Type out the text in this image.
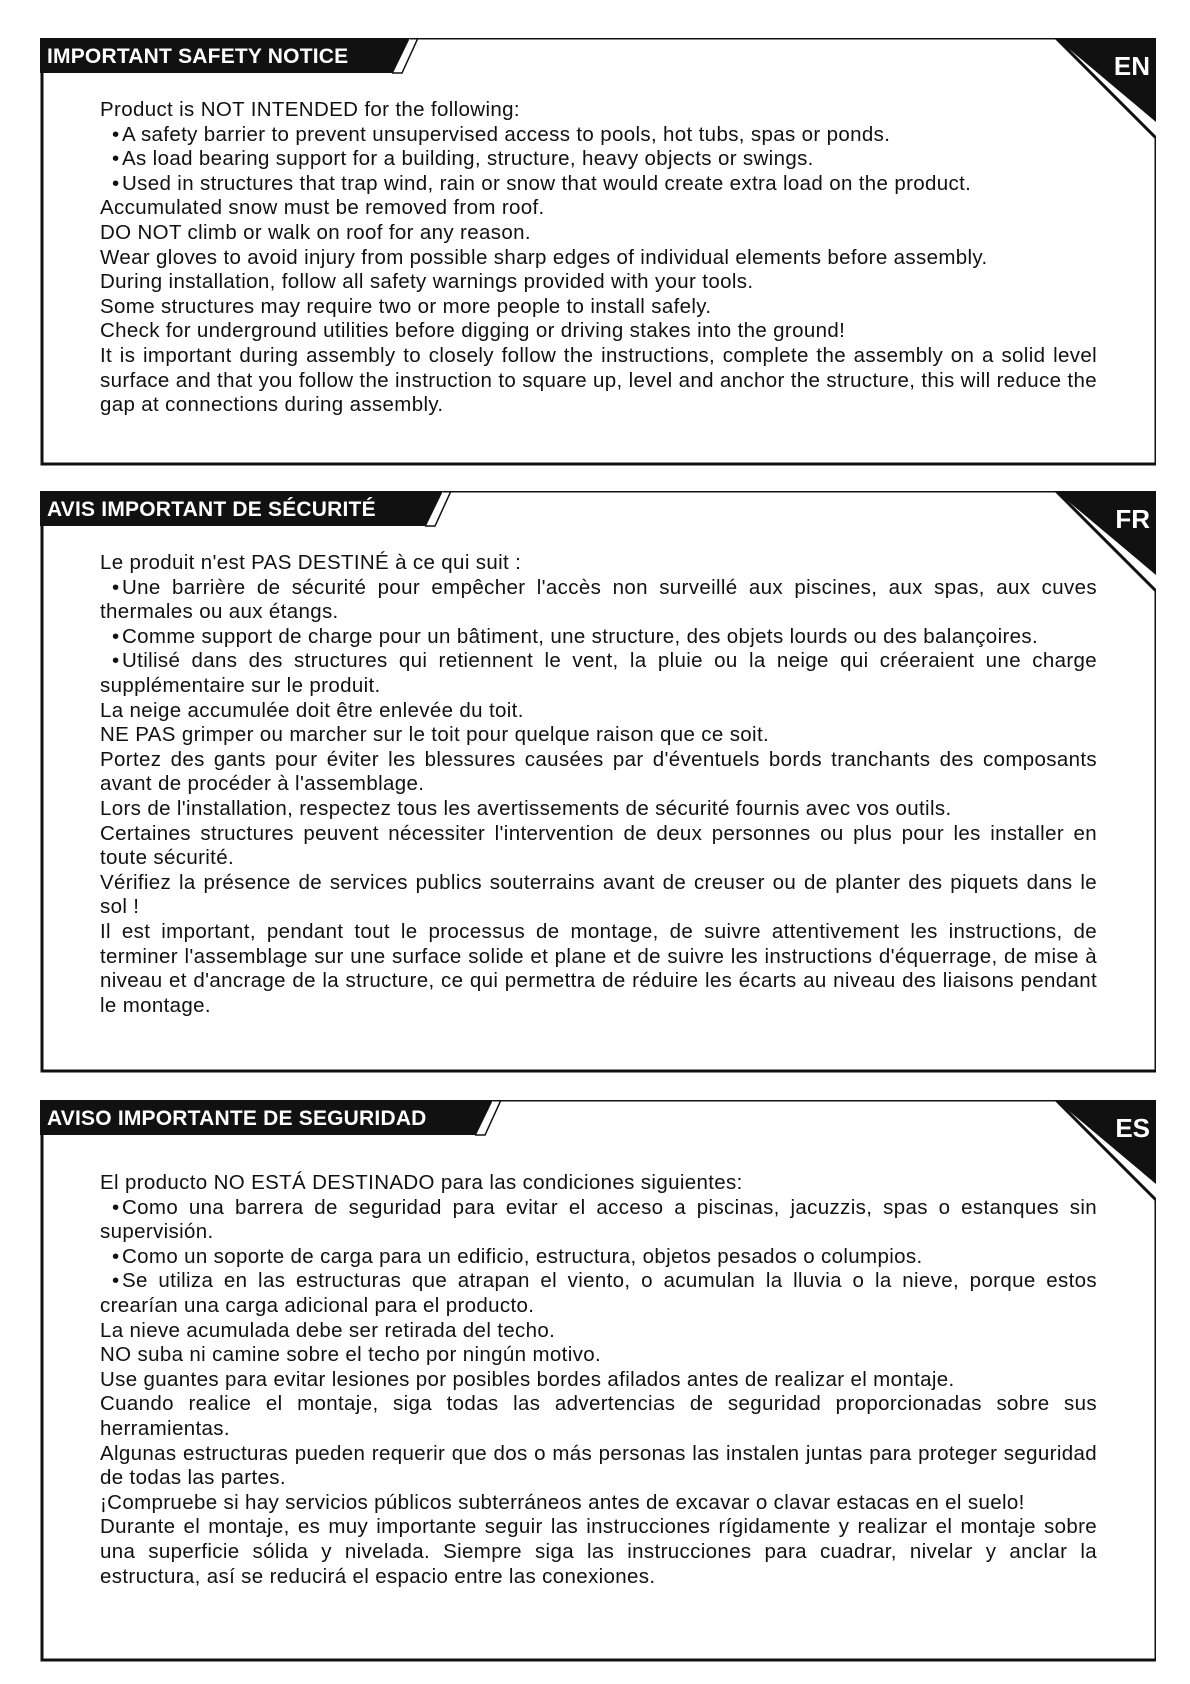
IMPORTANT SAFETY NOTICE	EN

Product is NOT INTENDED for the following:

• A safety barrier to prevent unsupervised access to pools, hot tubs, spas or ponds.

• As load bearing support for a building, structure, heavy objects or swings.

• Used in structures that trap wind, rain or snow that would create extra load on the product.

Accumulated snow must be removed from roof.

DO NOT climb or walk on roof for any reason.

Wear gloves to avoid injury from possible sharp edges of individual elements before assembly.

During installation, follow all safety warnings provided with your tools.

Some structures may require two or more people to install safely.

Check for underground utilities before digging or driving stakes into the ground!

It is important during assembly to closely follow the instructions, complete the assembly on a solid level surface and that you follow the instruction to square up, level and anchor the structure, this will reduce the gap at connections during assembly.

AVIS IMPORTANT DE SÉCURITÉ	FR

Le produit n'est PAS DESTINÉ à ce qui suit :

• Une barrière de sécurité pour empêcher l'accès non surveillé aux piscines, aux spas, aux cuves thermales ou aux étangs.

• Comme support de charge pour un bâtiment, une structure, des objets lourds ou des balançoires.

• Utilisé dans des structures qui retiennent le vent, la pluie ou la neige qui créeraient une charge supplémentaire sur le produit.

La neige accumulée doit être enlevée du toit.

NE PAS grimper ou marcher sur le toit pour quelque raison que ce soit.

Portez des gants pour éviter les blessures causées par d'éventuels bords tranchants des composants avant de procéder à l'assemblage.

Lors de l'installation, respectez tous les avertissements de sécurité fournis avec vos outils.

Certaines structures peuvent nécessiter l'intervention de deux personnes ou plus pour les installer en toute sécurité.

Vérifiez la présence de services publics souterrains avant de creuser ou de planter des piquets dans le sol !

Il est important, pendant tout le processus de montage, de suivre attentivement les instructions, de terminer l'assemblage sur une surface solide et plane et de suivre les instructions d'équerrage, de mise à niveau et d'ancrage de la structure, ce qui permettra de réduire les écarts au niveau des liaisons pendant le montage.

AVISO IMPORTANTE DE SEGURIDAD	ES

El producto NO ESTÁ DESTINADO para las condiciones siguientes:

• Como una barrera de seguridad para evitar el acceso a piscinas, jacuzzis, spas o estanques sin supervisión.

• Como un soporte de carga para un edificio, estructura, objetos pesados o columpios.

• Se utiliza en las estructuras que atrapan el viento, o acumulan la lluvia o la nieve, porque estos crearían una carga adicional para el producto.

La nieve acumulada debe ser retirada del techo.

NO suba ni camine sobre el techo por ningún motivo.

Use guantes para evitar lesiones por posibles bordes afilados antes de realizar el montaje.

Cuando realice el montaje, siga todas las advertencias de seguridad proporcionadas sobre sus herramientas.

Algunas estructuras pueden requerir que dos o más personas las instalen juntas para proteger seguridad de todas las partes.

¡Compruebe si hay servicios públicos subterráneos antes de excavar o clavar estacas en el suelo!

Durante el montaje, es muy importante seguir las instrucciones rígidamente y realizar el montaje sobre una superficie sólida y nivelada. Siempre siga las instrucciones para cuadrar, nivelar y anclar la estructura, así se reducirá el espacio entre las conexiones.
